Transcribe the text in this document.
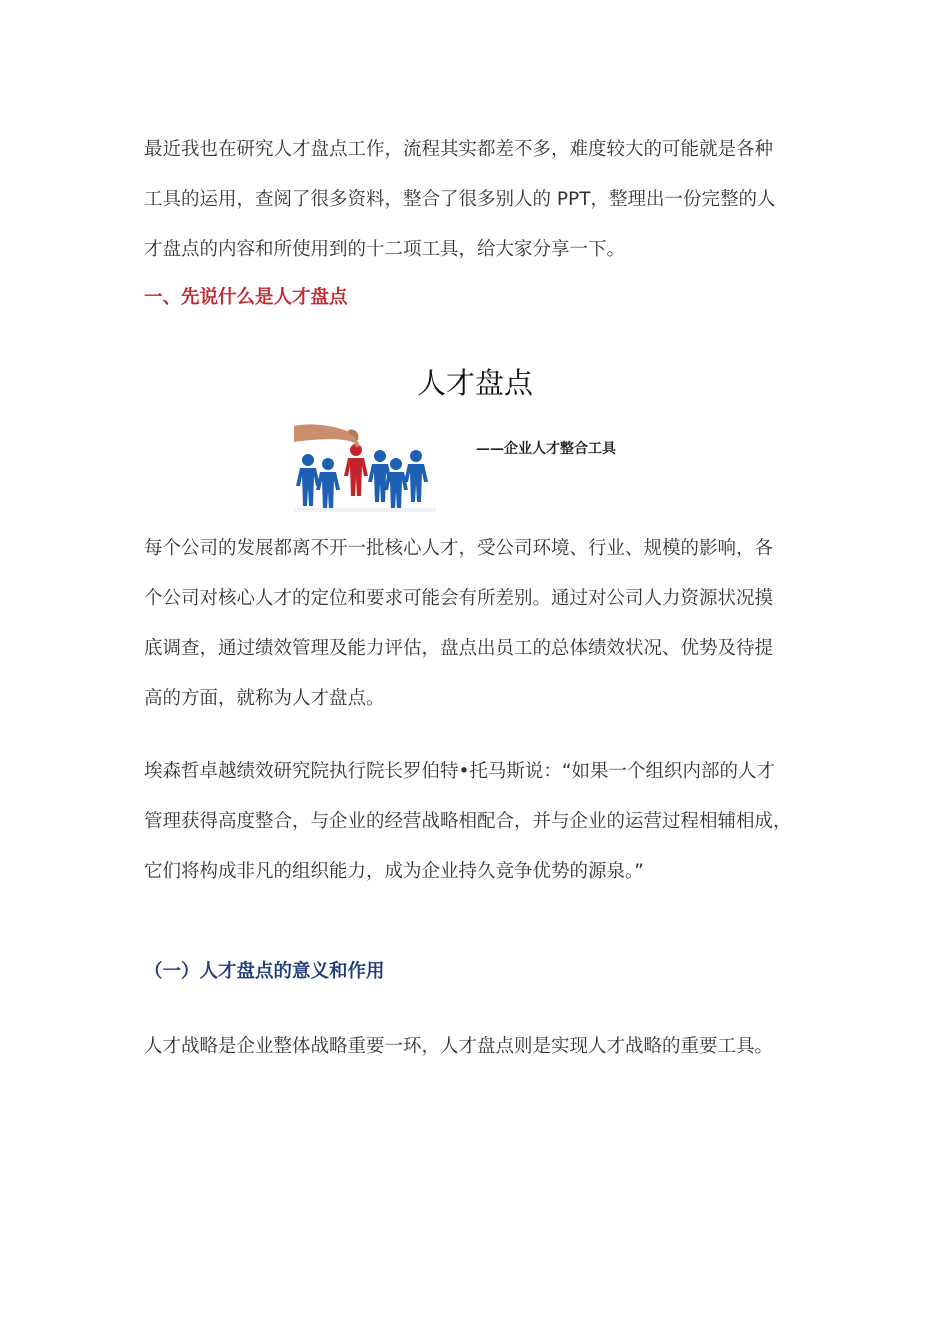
最近我也在研究人才盘点工作，流程其实都差不多，难度较大的可能就是各种
工具的运用，查阅了很多资料，整合了很多别人的 PPT，整理出一份完整的人
才盘点的内容和所使用到的十二项工具，给大家分享一下。

一、先说什么是人才盘点
人才盘点
——企业人才整合工具

每个公司的发展都离不开一批核心人才，受公司环境、行业、规模的影响，各
个公司对核心人才的定位和要求可能会有所差别。通过对公司人力资源状况摸
底调查，通过绩效管理及能力评估，盘点出员工的总体绩效状况、优势及待提
高的方面，就称为人才盘点。

埃森哲卓越绩效研究院执行院长罗伯特•托马斯说：“如果一个组织内部的人才
管理获得高度整合，与企业的经营战略相配合，并与企业的运营过程相辅相成，
它们将构成非凡的组织能力，成为企业持久竞争优势的源泉。”

（一）人才盘点的意义和作用

人才战略是企业整体战略重要一环，人才盘点则是实现人才战略的重要工具。
